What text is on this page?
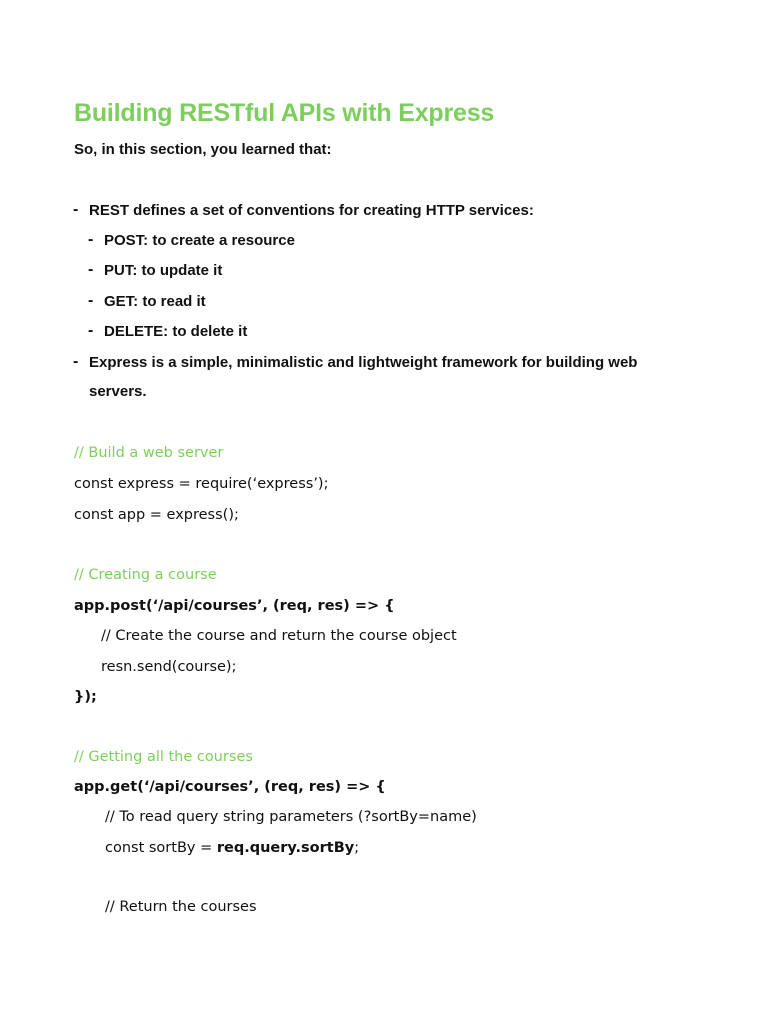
Building RESTful APIs with Express
So, in this section, you learned that:
- REST defines a set of conventions for creating HTTP services:
- POST: to create a resource
- PUT: to update it
- GET: to read it
- DELETE: to delete it
- Express is a simple, minimalistic and lightweight framework for building web
servers.
// Build a web server
const express = require(‘express’);
const app = express();
// Creating a course
app.post(‘/api/courses’, (req, res) => {
// Create the course and return the course object
resn.send(course);
});
// Getting all the courses
app.get(‘/api/courses’, (req, res) => {
// To read query string parameters (?sortBy=name)
const sortBy = req.query.sortBy;
// Return the courses
